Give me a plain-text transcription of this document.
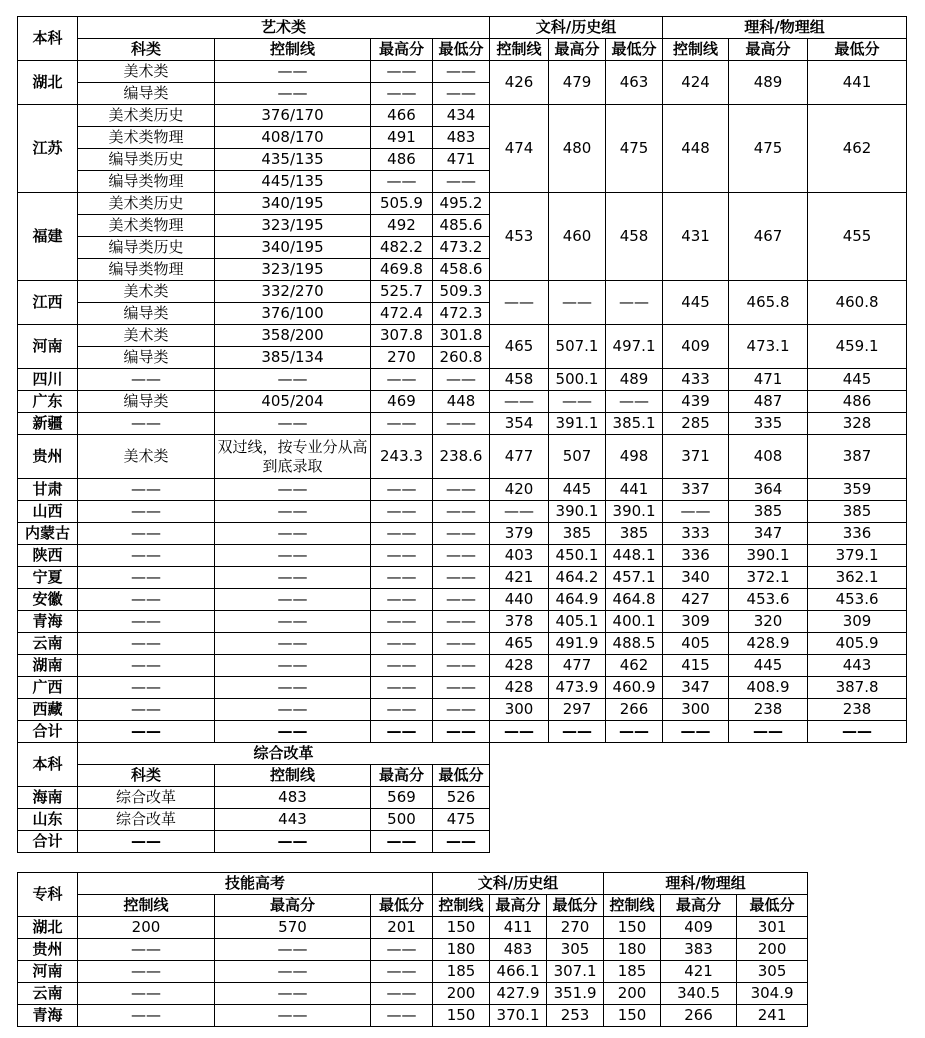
本科	艺术类				文科/历史组			理科/物理组		
	科类	控制线	最高分	最低分	控制线	最高分	最低分	控制线	最高分	最低分
湖北	美术类	——	——	——	426	479	463	424	489	441
	编导类	——	——	——						
江苏	美术类历史	376/170	466	434	474	480	475	448	475	462
	美术类物理	408/170	491	483						
	编导类历史	435/135	486	471						
	编导类物理	445/135	——	——						
福建	美术类历史	340/195	505.9	495.2	453	460	458	431	467	455
	美术类物理	323/195	492	485.6						
	编导类历史	340/195	482.2	473.2						
	编导类物理	323/195	469.8	458.6						
江西	美术类	332/270	525.7	509.3	——	——	——	445	465.8	460.8
	编导类	376/100	472.4	472.3						
河南	美术类	358/200	307.8	301.8	465	507.1	497.1	409	473.1	459.1
	编导类	385/134	270	260.8						
四川	——	——	——	——	458	500.1	489	433	471	445
广东	编导类	405/204	469	448	——	——	——	439	487	486
新疆	——	——	——	——	354	391.1	385.1	285	335	328
贵州	美术类	双过线，按专业分从高到底录取	243.3	238.6	477	507	498	371	408	387
甘肃	——	——	——	——	420	445	441	337	364	359
山西	——	——	——	——	——	390.1	390.1	——	385	385
内蒙古	——	——	——	——	379	385	385	333	347	336
陕西	——	——	——	——	403	450.1	448.1	336	390.1	379.1
宁夏	——	——	——	——	421	464.2	457.1	340	372.1	362.1
安徽	——	——	——	——	440	464.9	464.8	427	453.6	453.6
青海	——	——	——	——	378	405.1	400.1	309	320	309
云南	——	——	——	——	465	491.9	488.5	405	428.9	405.9
湖南	——	——	——	——	428	477	462	415	445	443
广西	——	——	——	——	428	473.9	460.9	347	408.9	387.8
西藏	——	——	——	——	300	297	266	300	238	238
合计	——	——	——	——	——	——	——	——	——	——
本科	综合改革			
	科类	控制线	最高分	最低分
海南	综合改革	483	569	526
山东	综合改革	443	500	475
合计	——	——	——	——
专科	技能高考			文科/历史组			理科/物理组		
	控制线	最高分	最低分	控制线	最高分	最低分	控制线	最高分	最低分
湖北	200	570	201	150	411	270	150	409	301
贵州	——	——	——	180	483	305	180	383	200
河南	——	——	——	185	466.1	307.1	185	421	305
云南	——	——	——	200	427.9	351.9	200	340.5	304.9
青海	——	——	——	150	370.1	253	150	266	241
